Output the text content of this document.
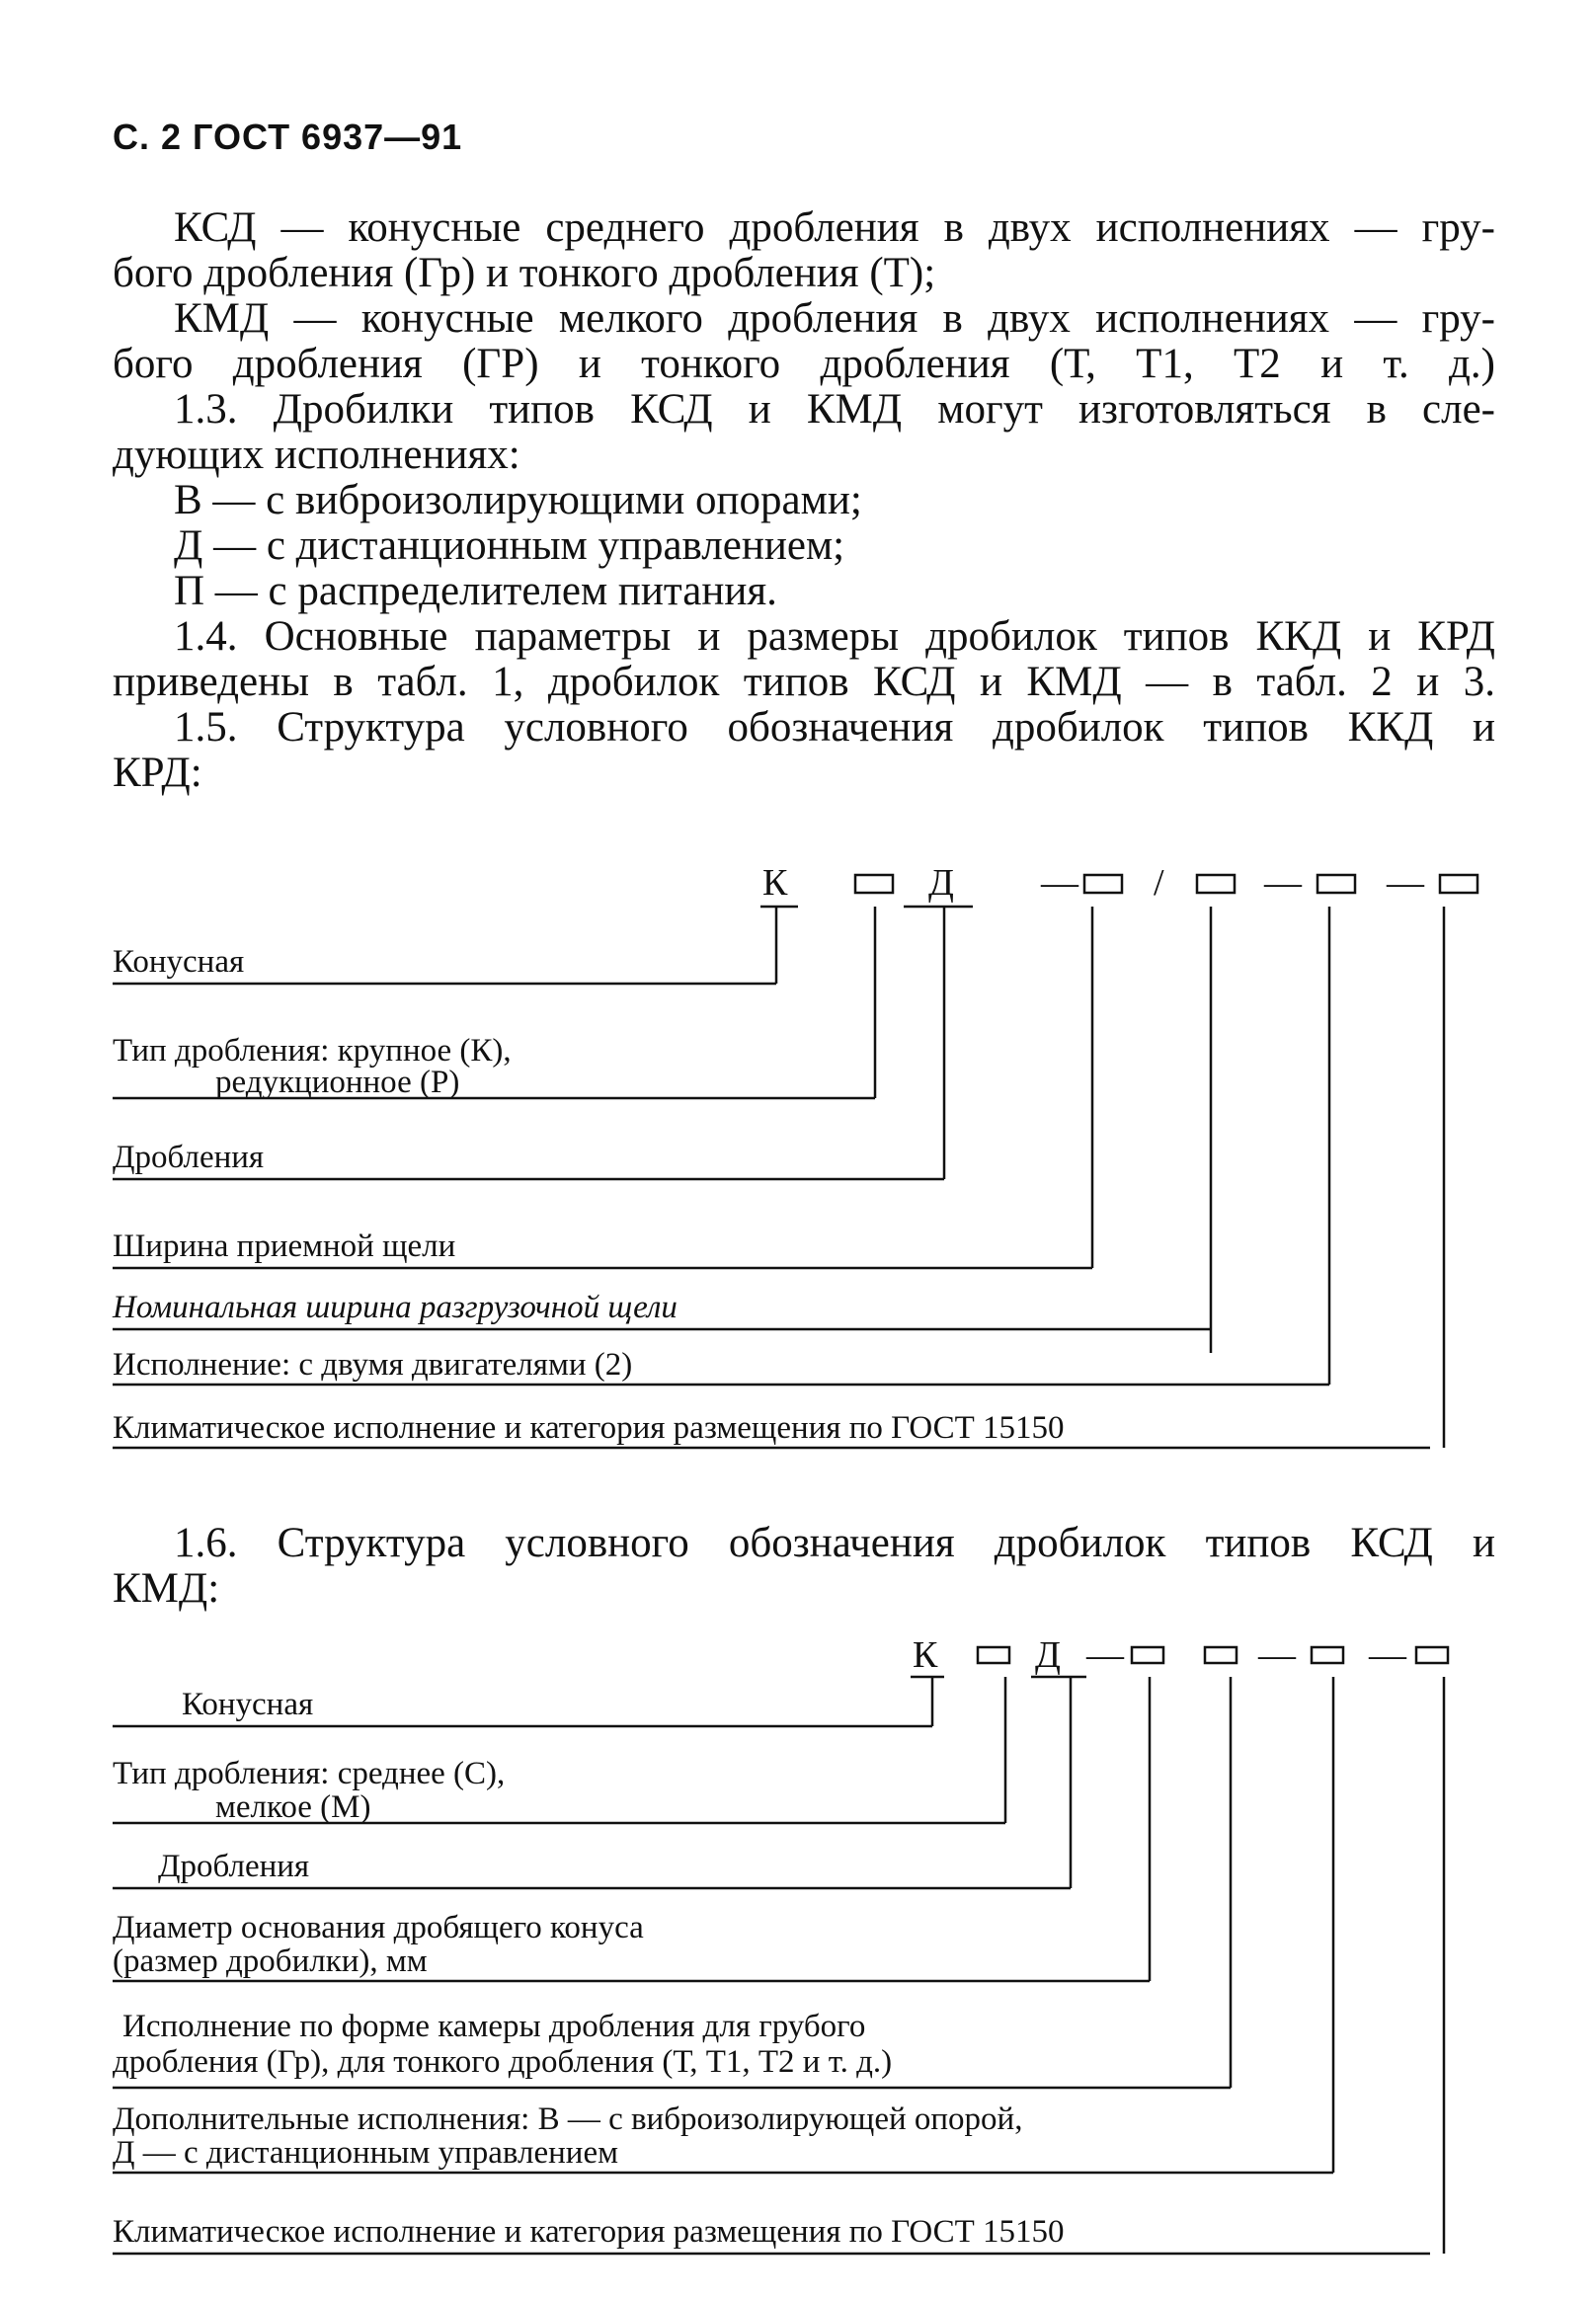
С. 2 ГОСТ 6937—91
КСД — конусные среднего дробления в двух исполнениях — гру-
бого дробления (Гр) и тонкого дробления (Т);
КМД — конусные мелкого дробления в двух исполнениях — гру-
бого дробления (ГР) и тонкого дробления (Т, Т1, Т2 и т. д.)
1.3. Дробилки типов КСД и КМД могут изготовляться в сле-
дующих исполнениях:
В — с виброизолирующими опорами;
Д — с дистанционным управлением;
П — с распределителем питания.
1.4. Основные параметры и размеры дробилок типов ККД и КРД
приведены в табл. 1, дробилок типов КСД и КМД — в табл. 2 и 3.
1.5. Структура условного обозначения дробилок типов ККД и
КРД:
1.6. Структура условного обозначения дробилок типов КСД и
КМД:
К	Д — /	— —
Конусная
Тип дробления: крупное (К),
редукционное (Р)
Дробления
Ширина приемной щели
Номинальная ширина разгрузочной щели
Исполнение: с двумя двигателями (2)
Климатическое исполнение и категория размещения по ГОСТ 15150
К	Д —	— —
Конусная
Тип дробления: среднее (С),
мелкое (М)
Дробления
Диаметр основания дробящего конуса
(размер дробилки), мм
Исполнение по форме камеры дробления для грубого
дробления (Гр), для тонкого дробления (Т, Т1, Т2 и т. д.)
Дополнительные исполнения: В — с виброизолирующей опорой,
Д — с дистанционным управлением
Климатическое исполнение и категория размещения по ГОСТ 15150
